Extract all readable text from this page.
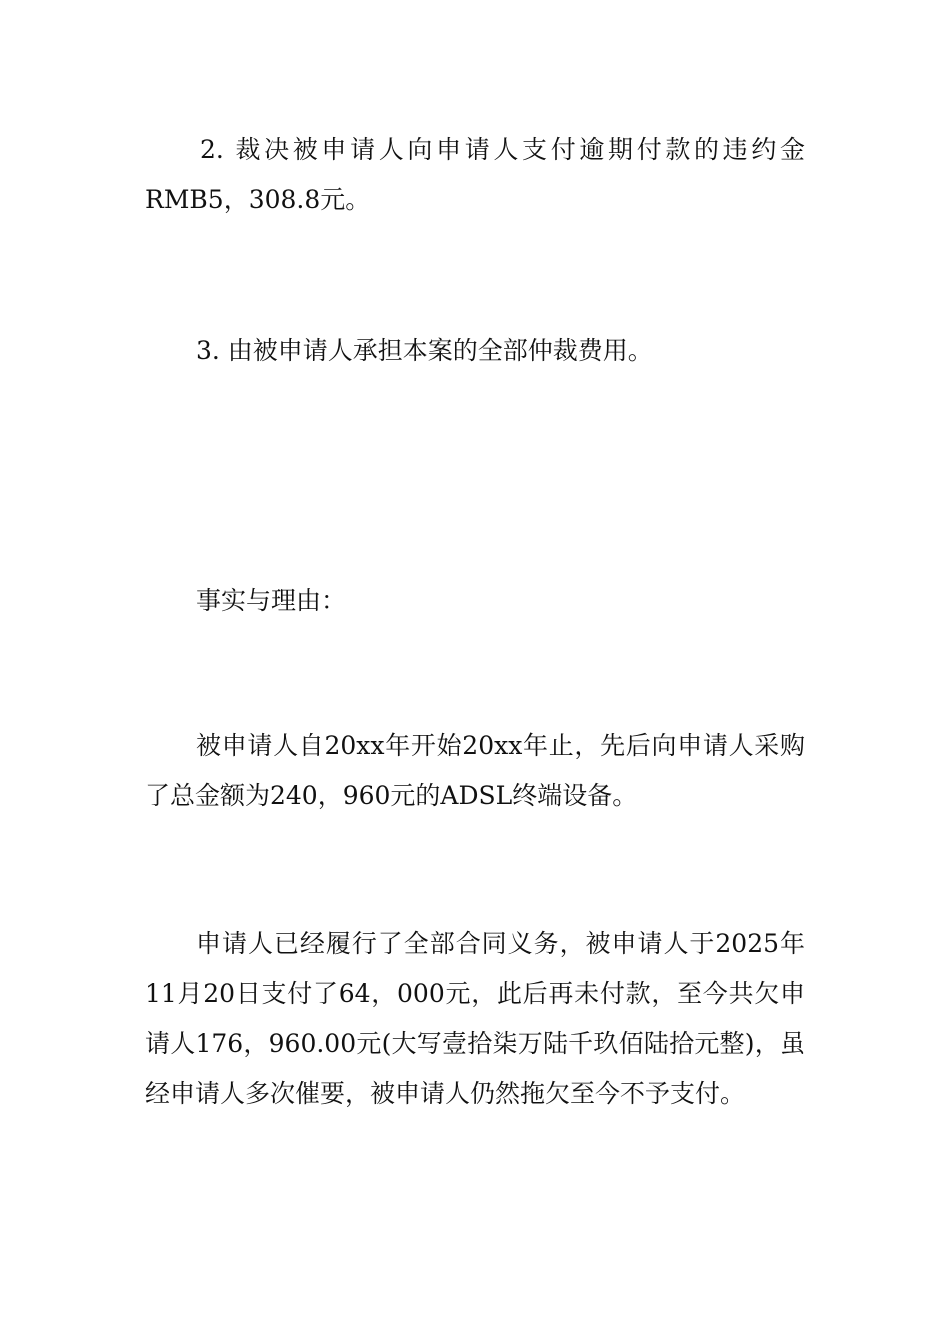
2. 裁决被申请人向申请人支付逾期付款的违约金
RMB5，308.8元。
3. 由被申请人承担本案的全部仲裁费用。
事实与理由：
被申请人自20xx年开始20xx年止，先后向申请人采购
了总金额为240，960元的ADSL终端设备。
申请人已经履行了全部合同义务，被申请人于2025年
11月20日支付了64，000元，此后再未付款，至今共欠申
请人176，960.00元(大写壹拾柒万陆千玖佰陆拾元整)，虽
经申请人多次催要，被申请人仍然拖欠至今不予支付。
